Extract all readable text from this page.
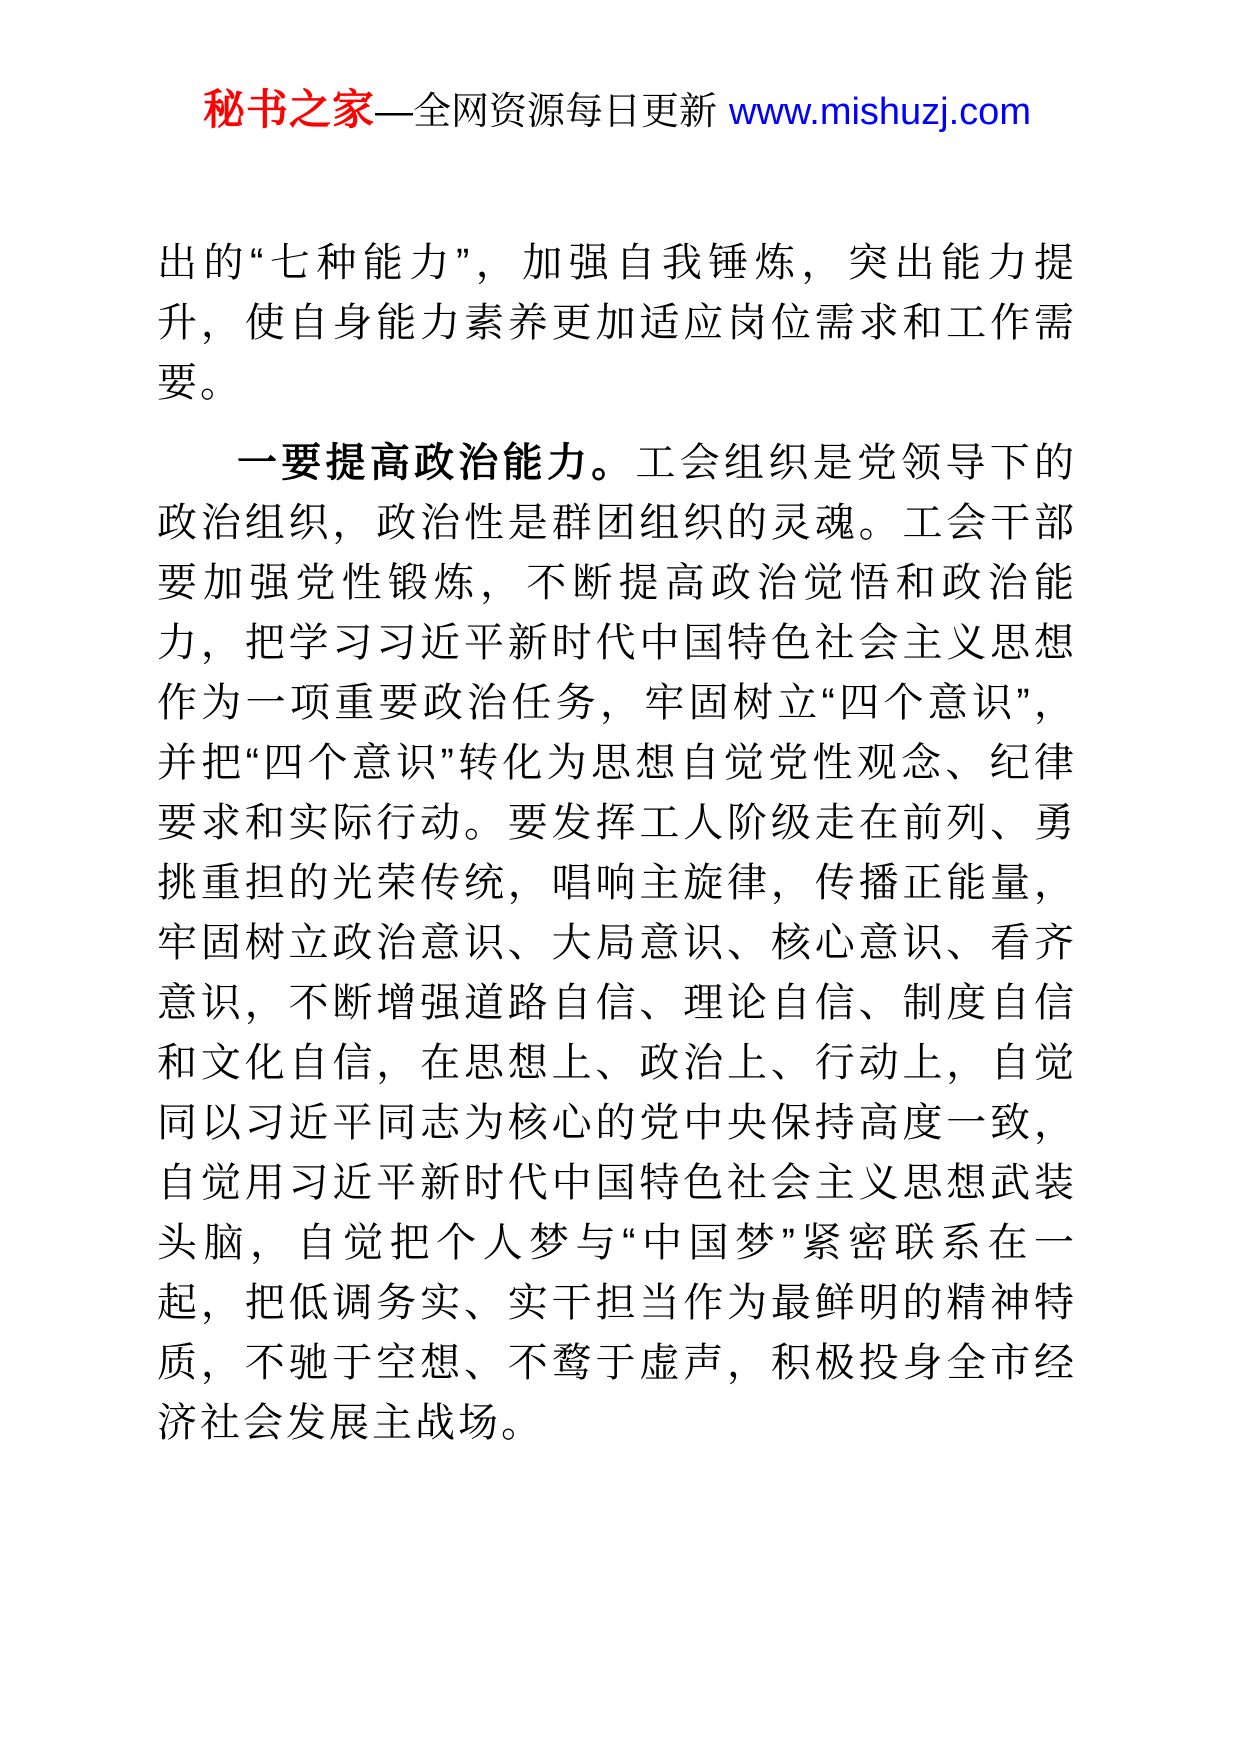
秘书之家—全网资源每日更新 www.mishuzj.com

出的“七种能力”，加强自我锤炼，突出能力提升，使自身能力素养更加适应岗位需求和工作需要。

一要提高政治能力。工会组织是党领导下的政治组织，政治性是群团组织的灵魂。工会干部要加强党性锻炼，不断提高政治觉悟和政治能力，把学习习近平新时代中国特色社会主义思想作为一项重要政治任务，牢固树立“四个意识”，并把“四个意识”转化为思想自觉党性观念、纪律要求和实际行动。要发挥工人阶级走在前列、勇挑重担的光荣传统，唱响主旋律，传播正能量，牢固树立政治意识、大局意识、核心意识、看齐意识，不断增强道路自信、理论自信、制度自信和文化自信，在思想上、政治上、行动上，自觉同以习近平同志为核心的党中央保持高度一致，自觉用习近平新时代中国特色社会主义思想武装头脑，自觉把个人梦与“中国梦”紧密联系在一起，把低调务实、实干担当作为最鲜明的精神特质，不驰于空想、不鹜于虚声，积极投身全市经济社会发展主战场。
